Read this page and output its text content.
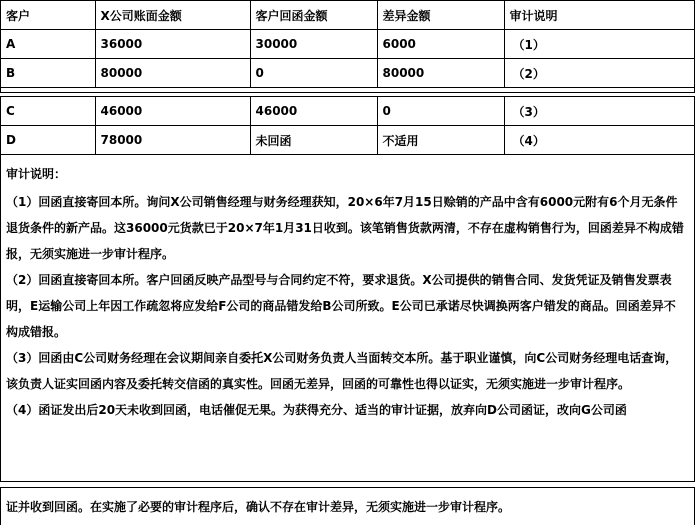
客户	X公司账面金额	客户回函金额	差异金额	审计说明
A	36000	30000	6000	（1）
B	80000	0	80000	（2）
C	46000	46000	0	（3）
D	78000	未回函	不适用	（4）

审计说明：

（1）回函直接寄回本所。询问X公司销售经理与财务经理获知，20×6年7月15日赊销的产品中含有6000元附有6个月无条件退货条件的新产品。这36000元货款已于20×7年1月31日收到。该笔销售货款两清，不存在虚构销售行为，回函差异不构成错报，无须实施进一步审计程序。

（2）回函直接寄回本所。客户回函反映产品型号与合同约定不符，要求退货。X公司提供的销售合同、发货凭证及销售发票表明，E运输公司上年因工作疏忽将应发给F公司的商品错发给B公司所致。E公司已承诺尽快调换两客户错发的商品。回函差异不构成错报。

（3）回函由C公司财务经理在会议期间亲自委托X公司财务负责人当面转交本所。基于职业谨慎，向C公司财务经理电话查询，该负责人证实回函内容及委托转交信函的真实性。回函无差异，回函的可靠性也得以证实，无须实施进一步审计程序。

（4）函证发出后20天未收到回函，电话催促无果。为获得充分、适当的审计证据，放弃向D公司函证，改向G公司函

证并收到回函。在实施了必要的审计程序后，确认不存在审计差异，无须实施进一步审计程序。
